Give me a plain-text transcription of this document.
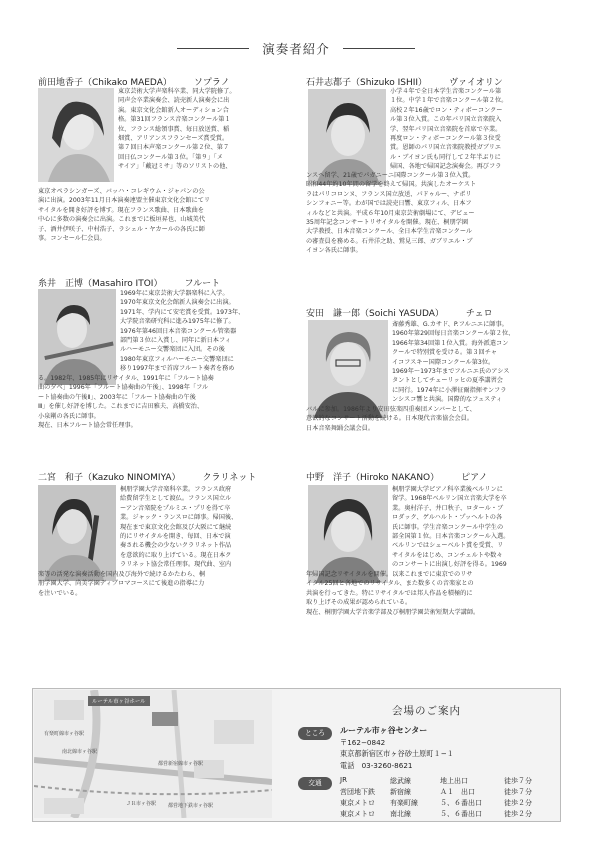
演奏者紹介
前田地香子（Chikako MAEDA） ソプラノ
東京芸術大学声楽科卒業、同大学院修了。
同声会卒業演奏会、読売新人演奏会に出
演。東京文化会館新人オーディション合
格。第31回フランス音楽コンクール第１
位、フランス総領事賞、毎日放送賞、稲
畑賞、アリアンスフランセーズ賞受賞。
第７回日本声楽コンクール第２位、第７
回日仏コンクール第３位。「第９」「メ
サイア」「戴冠ミサ」等のソリストの他、
東京オペラシンガーズ、バッハ・コレギウム・ジャパンの公
演に出演。2003年11月日本演奏連盟主催東京文化会館にてリ
サイタルを開き好評を博す。現在フランス歌曲、日本歌曲を
中心に多数の演奏会に出演。これまでに板垣昇也、山城美代
子、酒井伊咲子、中村浩子、ラシェル・ヤカールの各氏に師
事。コンセール仁会員。
石井志都子（Shizuko ISHII） ヴァイオリン
小学４年で全日本学生音楽コンクール第
１位。中学１年で音楽コンクール第２位。
高校２年16歳でロン・ティボーコンクー
ル第３位入賞。この年パリ国立音楽院入
学、翌年パリ国立音楽院を首席で卒業。
再度ロン・ティボーコンクール第３位受
賞。恩師のパリ国立音楽院教授ガブリエ
ル・ブイヨン氏も同行して２年半ぶりに
帰国、各地で帰国記念演奏会。再びフラ
ンスへ留学、21歳でパガニーニ国際コンクール第３位入賞。
昭和44年約10年間の留学を終えて帰国。共演したオーケスト
ラはパリコロンヌ、フランス国立放送、パドゥルー、ナポリ
シンフォニー等。わが国では読売日響、東京フィル、日本フ
ィルなどと共演。平成６年10月東京芸術劇場にて、デビュー
35周年記念コンサートリサイタルを開催。現在、桐朋学園
大学教授、日本音楽コンクール、全日本学生音楽コンクール
の審査員を務める。石井洋之助、鷲見三郎、ガブリエル・ブ
イヨン各氏に師事。
糸井　正博（Masahiro ITOI） フルート
1969年に東京芸術大学器楽科に入学。
1970年東京文化会館新人演奏会に出演。
1971年、学内にて安宅賞を受賞。1973年、
大学院音楽研究科に進み1975年に修了。
1976年第46回日本音楽コンクール管楽器
部門第３位に入賞し、同年に新日本フィ
ルハーモニー交響楽団に入団。その後
1980年東京フィルハーモニー交響楽団に
移り1997年まで首席フルート奏者を務め
る。1982年、1985年にリサイタル、1991年に「フルート協奏
曲の夕べ」1996年「フルート協奏曲の午後」、1998年「フル
ート協奏曲の午後Ⅱ」、2003年に「フルート協奏曲の午後
Ⅲ」を催し好評を博した。これまでに吉田雅夫、高橋安治、
小泉剛の各氏に師事。
現在、日本フルート協会常任理事。
安田　謙一郎（Soichi YASUDA） チェロ
斎藤秀雄、G.カサド、P.フルニエに師事。
1960年第29回毎日音楽コンクール第２位、
1966年第34回第１位入賞。海外派遣コン
クールで特別賞を受ける。第３回チャ
イコフスキー国際コンクール第3位。
1969年〜1973年までフルニエ氏のアシス
タントとしてチューリッヒの夏季講習会
に同行。1974年に小澤征爾指揮サンフラ
ンシスコ響と共演。国際的なフェスティ
バルに参加。1986年より安田弦楽四重奏団メンバーとして、
意欲的なコンサート活動を続ける。日本現代音楽協会会員。
日本音楽舞踊会議会員。
二宮　和子（Kazuko NINOMIYA） クラリネット
桐朋学園大学音楽科卒業。フランス政府
給費留学生として渡仏。フランス国立ル
ーアン音楽院をプルミエ・プリを得て卒
業。ジャック・ランスロに師事。帰国後、
現在まで東京文化会館及び大阪にて継続
的にリサイタルを開き、毎回、日本で演
奏される機会の少ないクラリネット作品
を意欲的に取り上げている。現在日本ク
ラリネット協会常任理事。現代曲、室内
楽等の活発な演奏活動を国内及び海外で続けるかたわら、桐
朋学園大学、尚美学園ディプロマコースにて後進の指導に力
を注いでいる。
中野　洋子（Hiroko NAKANO） ピアノ
桐朋学園大学ピアノ科卒業後ベルリンに
留学。1968年ベルリン国立音楽大学を卒
業。奥村洋子、井口秋子、ロタール・ブ
ロダック、ゲルハルト・プッヘルトの各
氏に師事。学生音楽コンクール中学生の
部全国第１位。日本音楽コンクール入選。
ベルリンではシューベルト賞を受賞、リ
サイタルをはじめ、コンチェルトや数々
のコンサートに出演し好評を得る。1969
年帰国記念リサイタルを開催。以来これまでに東京でのリサ
イタル25回と各地でのリサイタル、また数多くの音楽家との
共演を行ってきた。特にリサイタルでは邦人作品を積極的に
取り上げその成果が認められている。
現在、桐朋学園大学音楽学部及び桐朋学園芸術短期大学講師。
ルーテル市ヶ谷ホール
都営新宿線市ヶ谷駅
南北線市ヶ谷駅
ＪＲ市ヶ谷駅
有楽町線市ヶ谷駅
都営地下鉄市ヶ谷駅
会場のご案内
ところ	ルーテル市ヶ谷センター
〒162−0842
東京都新宿区市ヶ谷砂土原町１−１
電話　03-3260-8621
交通	JR	総武線	地上出口	徒歩７分
営団地下鉄 新宿線	Ａ１　出口	徒歩７分
東京メトロ 有楽町線	５、６番出口	徒歩２分
東京メトロ 南北線	５、６番出口	徒歩２分
